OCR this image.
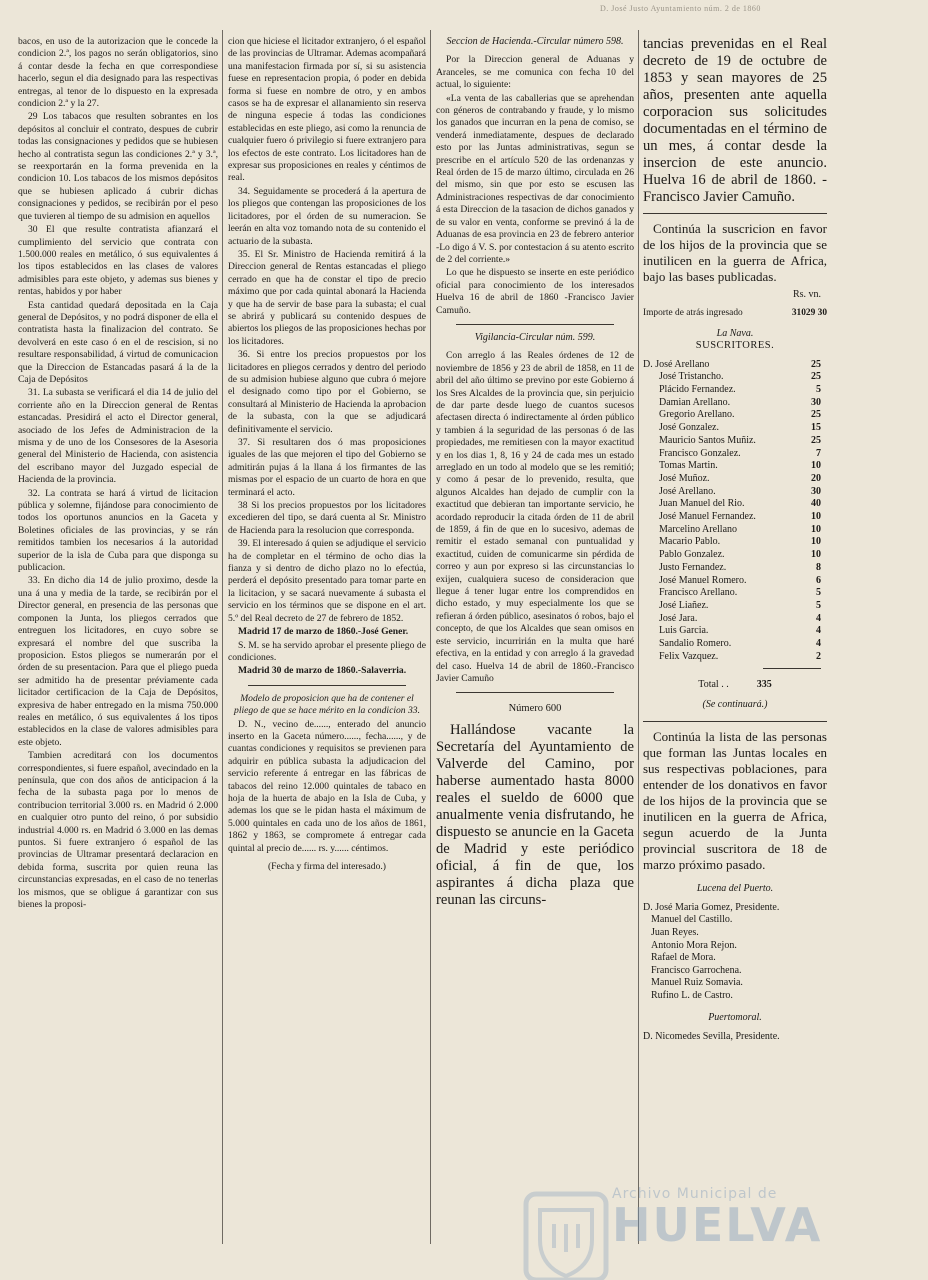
D. José Justo Ayuntamiento núm. 2 de 1860

bacos, en uso de la autorizacion que le concede la condicion 2.ª, los pagos no serán obligatorios, sino á contar desde la fecha en que correspondiese hacerlo, segun el dia designado para las respectivas entregas, al tenor de lo dispuesto en la expresada condicion 2.ª y la 27.

29 Los tabacos que resulten sobrantes en los depósitos al concluir el contrato, despues de cubrir todas las consignaciones y pedidos que se hubiesen hecho al contratista segun las condiciones 2.ª y 3.ª, se reexportarán en la forma prevenida en la condicion 10. Los tabacos de los mismos depósitos que se hubiesen aplicado á cubrir dichas consignaciones y pedidos, se recibirán por el peso que tuvieren al tiempo de su admision en aquellos

30 El que resulte contratista afianzará el cumplimiento del servicio que contrata con 1.500.000 reales en metálico, ó sus equivalentes á los tipos establecidos en las clases de valores admisibles para este objeto, y ademas sus bienes y rentas, habidos y por haber

Esta cantidad quedará depositada en la Caja general de Depósitos, y no podrá disponer de ella el contratista hasta la finalizacion del contrato. Se devolverá en este caso ó en el de rescision, si no resultare responsabilidad, á virtud de comunicacion que la Direccion de Estancadas pasará á la de la Caja de Depósitos

31. La subasta se verificará el dia 14 de julio del corriente año en la Direccion general de Rentas estancadas. Presidirá el acto el Director general, asociado de los Jefes de Administracion de la misma y de uno de los Consesores de la Asesoria general del Ministerio de Hacienda, con asistencia del escribano mayor del Juzgado especial de Hacienda de la provincia.

32. La contrata se hará á virtud de licitacion pública y solemne, fijándose para conocimiento de todos los oportunos anuncios en la Gaceta y Boletines oficiales de las provincias, y se rán remitidos tambien los necesarios á la autoridad superior de la isla de Cuba para que disponga su publicacion.

33. En dicho dia 14 de julio proximo, desde la una á una y media de la tarde, se recibirán por el Director general, en presencia de las personas que componen la Junta, los pliegos cerrados que entreguen los licitadores, en cuyo sobre se expresará el nombre del que suscriba la proposicion. Estos pliegos se numerarán por el órden de su presentacion. Para que el pliego pueda ser admitido ha de presentar préviamente cada licitador certificacion de la Caja de Depósitos, expresiva de haber entregado en la misma 750.000 reales en metálico, ó sus equivalentes á los tipos establecidos en la clase de valores admisibles para este objeto.

Tambien acreditará con los documentos correspondientes, si fuere español, avecindado en la península, que con dos años de anticipacion á la fecha de la subasta paga por lo menos de contribucion territorial 3.000 rs. en Madrid ó 2.000 en cualquier otro punto del reino, ó por subsidio industrial 4.000 rs. en Madrid ó 3.000 en las demas puntos. Si fuere extranjero ó español de las provincias de Ultramar presentará declaracion en debida forma, suscrita por quien reuna las circunstancias expresadas, en el caso de no tenerlas los mismos, que se obligue á garantizar con sus bienes la proposi-

cion que hiciese el licitador extranjero, ó el español de las provincias de Ultramar. Ademas acompañará una manifestacion firmada por sí, si su asistencia fuese en representacion propia, ó poder en debida forma si fuese en nombre de otro, y en ambos casos se ha de expresar el allanamiento sin reserva de ninguna especie á todas las condiciones establecidas en este pliego, asi como la renuncia de cualquier fuero ó privilegio si fuere extranjero para los efectos de este contrato. Los licitadores han de expresar sus proposiciones en reales y céntimos de real.

34. Seguidamente se procederá á la apertura de los pliegos que contengan las proposiciones de los licitadores, por el órden de su numeracion. Se leerán en alta voz tomando nota de su contenido el actuario de la subasta.

35. El Sr. Ministro de Hacienda remitirá á la Direccion general de Rentas estancadas el pliego cerrado en que ha de constar el tipo de precio máximo que por cada quintal abonará la Hacienda y que ha de servir de base para la subasta; el cual se abrirá y publicará su contenido despues de abiertos los pliegos de las proposiciones hechas por los licitadores.

36. Si entre los precios propuestos por los licitadores en pliegos cerrados y dentro del periodo de su admision hubiese alguno que cubra ó mejore el designado como tipo por el Gobierno, se consultará al Ministerio de Hacienda la aprobacion de la subasta, con la que se adjudicará definitivamente el servicio.

37. Si resultaren dos ó mas proposiciones iguales de las que mejoren el tipo del Gobierno se admitirán pujas á la llana á los firmantes de las mismas por el espacio de un cuarto de hora en que terminará el acto.

38 Si los precios propuestos por los licitadores excedieren del tipo, se dará cuenta al Sr. Ministro de Hacienda para la resolucion que corresponda.

39. El interesado á quien se adjudique el servicio ha de completar en el término de ocho dias la fianza y si dentro de dicho plazo no lo efectúa, perderá el depósito presentado para tomar parte en la licitacion, y se sacará nuevamente á subasta el servicio en los términos que se dispone en el art. 5.º del Real decreto de 27 de febrero de 1852.

Madrid 17 de marzo de 1860.-José Gener.

S. M. se ha servido aprobar el presente pliego de condiciones.

Madrid 30 de marzo de 1860.-Salaverria.

Modelo de proposicion que ha de contener el pliego de que se hace mérito en la condicion 33.

D. N., vecino de......, enterado del anuncio inserto en la Gaceta número......, fecha......, y de cuantas condiciones y requisitos se previenen para adquirir en pública subasta la adjudicacion del servicio referente á entregar en las fábricas de tabacos del reino 12.000 quintales de tabaco en hoja de la huerta de abajo en la Isla de Cuba, y ademas los que se le pidan hasta el máximum de 5.000 quintales en cada uno de los años de 1861, 1862 y 1863, se compromete á entregar cada quintal al precio de...... rs. y...... céntimos.

(Fecha y firma del interesado.)

Seccion de Hacienda.-Circular número 598.

Por la Direccion general de Aduanas y Aranceles, se me comunica con fecha 10 del actual, lo siguiente:

«La venta de las caballerias que se aprehendan con géneros de contrabando y fraude, y lo mismo los ganados que incurran en la pena de comiso, se venderá inmediatamente, despues de declarado esto por las Juntas administrativas, segun se prescribe en el artículo 520 de las ordenanzas y Real órden de 15 de marzo último, circulada en 26 del mismo, sin que por esto se escusen las Administraciones respectivas de dar conocimiento á esta Direccion de la tasacion de dichos ganados y de su valor en venta, conforme se previnó á la de Aduanas de esa provincia en 23 de febrero anterior -Lo digo á V. S. por contestacion á su atento escrito de 2 del corriente.»

Lo que he dispuesto se inserte en este periódico oficial para conocimiento de los interesados Huelva 16 de abril de 1860 -Francisco Javier Camuño.

Vigilancia-Circular núm. 599.

Con arreglo á las Reales órdenes de 12 de noviembre de 1856 y 23 de abril de 1858, en 11 de abril del año último se previno por este Gobierno á los Sres Alcaldes de la provincia que, sin perjuicio de dar parte desde luego de cuantos sucesos afectasen directa ó indirectamente al órden público y tambien á la seguridad de las personas ó de las propiedades, me remitiesen con la mayor exactitud y en los dias 1, 8, 16 y 24 de cada mes un estado arreglado en un todo al modelo que se les remitió; y como á pesar de lo prevenido, resulta, que algunos Alcaldes han dejado de cumplir con la exactitud que debieran tan importante servicio, he acordado reproducir la citada órden de 11 de abril de 1859, á fin de que en lo sucesivo, ademas de remitir el estado semanal con puntualidad y exactitud, cuiden de comunicarme sin pérdida de correo y aun por expreso si las circunstancias lo exijen, cualquiera suceso de consideracion que llegue á tener lugar entre los comprendidos en dicho estado, y muy especialmente los que se refieran á órden público, asesinatos ó robos, bajo el concepto, de que los Alcaldes que sean omisos en este servicio, incurririán en la multa que haré efectiva, en la entidad y con arreglo á la gravedad del caso. Huelva 14 de abril de 1860.-Francisco Javier Camuño

Número 600

Hallándose vacante la Secretaría del Ayuntamiento de Valverde del Camino, por haberse aumentado hasta 8000 reales el sueldo de 6000 que anualmente venia disfrutando, he dispuesto se anuncie en la Gaceta de Madrid y este periódico oficial, á fin de que, los aspirantes á dicha plaza que reunan las circuns-

tancias prevenidas en el Real decreto de 19 de octubre de 1853 y sean mayores de 25 años, presenten ante aquella corporacion sus solicitudes documentadas en el término de un mes, á contar desde la insercion de este anuncio. Huelva 16 de abril de 1860. -Francisco Javier Camuño.

Continúa la suscricion en favor de los hijos de la provincia que se inutilicen en la guerra de Africa, bajo las bases publicadas.

Rs. vn.
Importe de atrás ingresado	31029 30
La Nava.
SUSCRITORES.
D. José Arellano	25
José Tristancho.	25
Plácido Fernandez.	5
Damian Arellano.	30
Gregorio Arellano.	25
José Gonzalez.	15
Mauricio Santos Muñiz.	25
Francisco Gonzalez.	7
Tomas Martin.	10
José Muñoz.	20
José Arellano.	30
Juan Manuel del Rio.	40
José Manuel Fernandez.	10
Marcelino Arellano	10
Macario Pablo.	10
Pablo Gonzalez.	10
Justo Fernandez.	8
José Manuel Romero.	6
Francisco Arellano.	5
José Liañez.	5
José Jara.	4
Luis Garcia.	4
Sandalio Romero.	4
Felix Vazquez.	2
Total . .	335
(Se continuará.)

Continúa la lista de las personas que forman las Juntas locales en sus respectivas poblaciones, para entender de los donativos en favor de los hijos de la provincia que se inutilicen en la guerra de Africa, segun acuerdo de la Junta provincial suscritora de 18 de marzo próximo pasado.

Lucena del Puerto.
D. José Maria Gomez, Presidente.
Manuel del Castillo.
Juan Reyes.
Antonio Mora Rejon.
Rafael de Mora.
Francisco Garrochena.
Manuel Ruiz Somavia.
Rufino L. de Castro.
Puertomoral.
D. Nicomedes Sevilla, Presidente.
Archivo Municipal de
HUELVA
